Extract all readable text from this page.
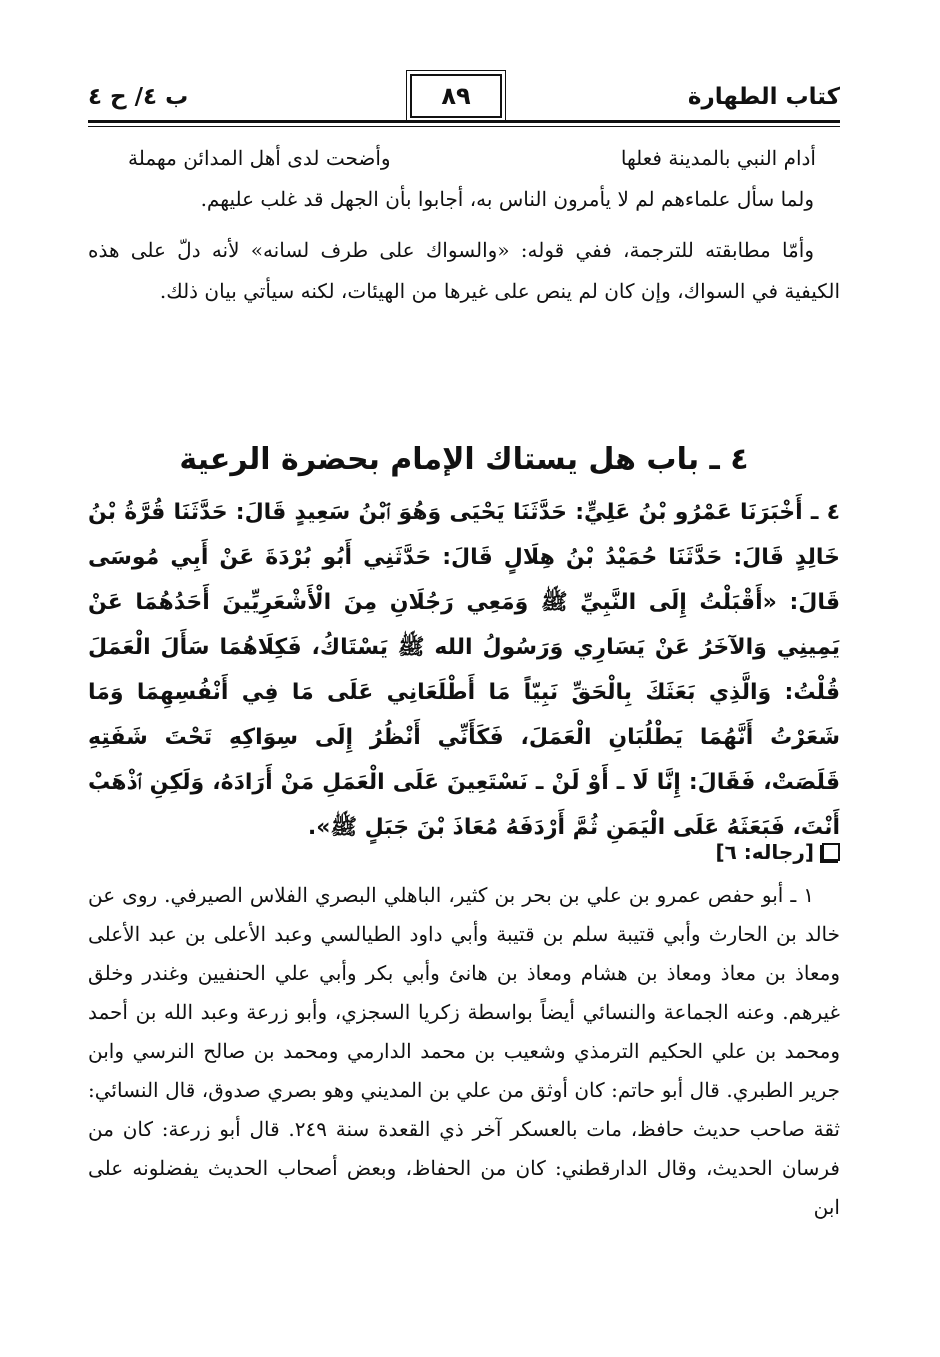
كتاب الطهارة
٨٩
ب ٤/ ح ٤
أدام النبي بالمدينة فعلها
وأضحت لدى أهل المدائن مهملة

ولما سأل علماءهم لم لا يأمرون الناس به، أجابوا بأن الجهل قد غلب عليهم.

وأمّا مطابقته للترجمة، ففي قوله: «والسواك على طرف لسانه» لأنه دلّ على هذه الكيفية في السواك، وإن كان لم ينص على غيرها من الهيئات، لكنه سيأتي بيان ذلك.

٤ ـ باب هل يستاك الإمام بحضرة الرعية
٤ ـ أَخْبَرَنَا عَمْرُو بْنُ عَلِيٍّ: حَدَّثَنَا يَحْيَى وَهُوَ ٱبْنُ سَعِيدٍ قَالَ: حَدَّثَنَا قُرَّةُ بْنُ خَالِدٍ قَالَ: حَدَّثَنَا حُمَيْدُ بْنُ هِلَالٍ قَالَ: حَدَّثَنِي أَبُو بُرْدَةَ عَنْ أَبِي مُوسَى قَالَ: «أَقْبَلْتُ إِلَى النَّبِيِّ ﷺ وَمَعِي رَجُلَانِ مِنَ الْأَشْعَرِيِّينَ أَحَدُهُمَا عَنْ يَمِينِي وَالآخَرُ عَنْ يَسَارِي وَرَسُولُ الله ﷺ يَسْتَاكُ، فَكِلَاهُمَا سَأَلَ الْعَمَلَ قُلْتُ: وَالَّذِي بَعَثَكَ بِالْحَقِّ نَبِيّاً مَا أَطْلَعَانِي عَلَى مَا فِي أَنْفُسِهِمَا وَمَا شَعَرْتُ أَنَّهُمَا يَطْلُبَانِ الْعَمَلَ، فَكَأَنِّي أَنْظُرُ إِلَى سِوَاكِهِ تَحْتَ شَفَتِهِ قَلَصَتْ، فَقَالَ: إِنَّا لَا ـ أَوْ لَنْ ـ نَسْتَعِينَ عَلَى الْعَمَلِ مَنْ أَرَادَهُ، وَلَكِنِ ٱذْهَبْ أَنْتَ، فَبَعَثَهُ عَلَى الْيَمَنِ ثُمَّ أَرْدَفَهُ مُعَاذَ بْنَ جَبَلٍ ﷺ».
[رجاله: ٦]

١ ـ أبو حفص عمرو بن علي بن بحر بن كثير، الباهلي البصري الفلاس الصيرفي. روى عن خالد بن الحارث وأبي قتيبة سلم بن قتيبة وأبي داود الطيالسي وعبد الأعلى بن عبد الأعلى ومعاذ بن معاذ ومعاذ بن هشام ومعاذ بن هانئ وأبي بكر وأبي علي الحنفيين وغندر وخلق غيرهم. وعنه الجماعة والنسائي أيضاً بواسطة زكريا السجزي، وأبو زرعة وعبد الله بن أحمد ومحمد بن علي الحكيم الترمذي وشعيب بن محمد الدارمي ومحمد بن صالح النرسي وابن جرير الطبري. قال أبو حاتم: كان أوثق من علي بن المديني وهو بصري صدوق، قال النسائي: ثقة صاحب حديث حافظ، مات بالعسكر آخر ذي القعدة سنة ٢٤٩. قال أبو زرعة: كان من فرسان الحديث، وقال الدارقطني: كان من الحفاظ، وبعض أصحاب الحديث يفضلونه على ابن
